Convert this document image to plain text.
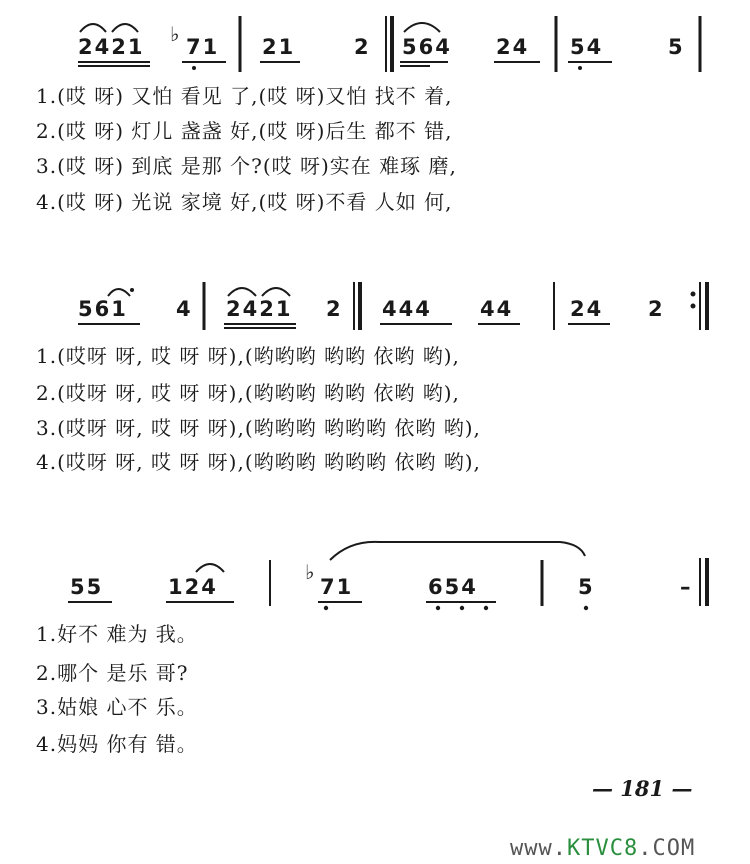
2421
♭
71 21	2 564 24 54	5
1.(哎 呀) 又怕 看见 了,(哎 呀)又怕 找不 着,
2.(哎 呀) 灯儿 盏盏 好,(哎 呀)后生 都不 错,
3.(哎 呀) 到底 是那 个?(哎 呀)实在 难琢 磨,
4.(哎 呀) 光说 家境 好,(哎 呀)不看 人如 何,
561 4 2421 2 444 44	24 2
1.(哎呀 呀, 哎 呀 呀),(哟哟哟 哟哟 依哟 哟),
2.(哎呀 呀, 哎 呀 呀),(哟哟哟 哟哟 依哟 哟),
3.(哎呀 呀, 哎 呀 呀),(哟哟哟 哟哟哟 依哟 哟),
4.(哎呀 呀, 哎 呀 呀),(哟哟哟 哟哟哟 依哟 哟),
55	124
♭
71	654	5	–
1.好不 难为 我。
2.哪个 是乐 哥?
3.姑娘 心不 乐。
4.妈妈 你有 错。
— 181 —
www.KTVC8.COM
